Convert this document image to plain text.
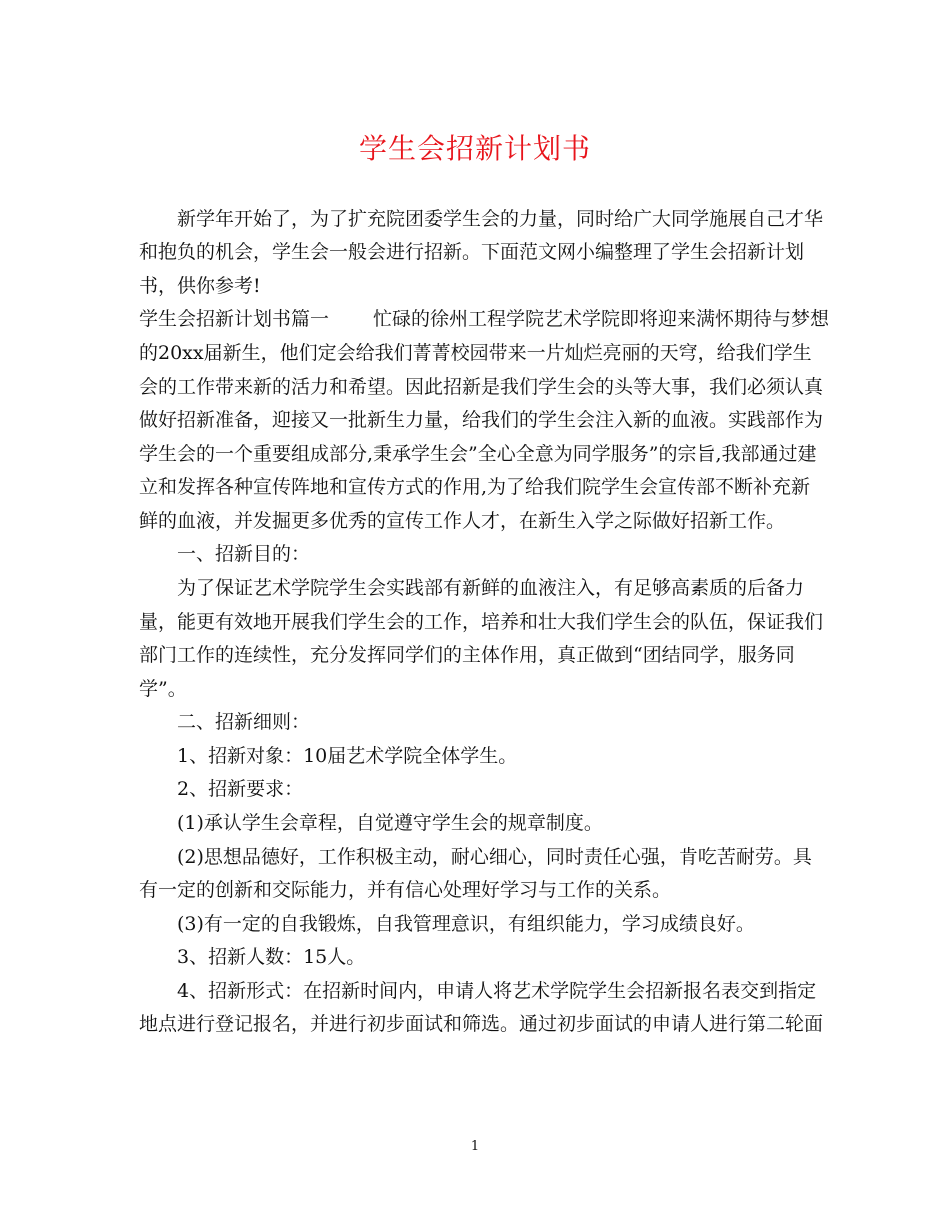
学生会招新计划书
新学年开始了，为了扩充院团委学生会的力量，同时给广大同学施展自己才华
和抱负的机会，学生会一般会进行招新。下面范文网小编整理了学生会招新计划
书，供你参考!
学生会招新计划书篇一　　 忙碌的徐州工程学院艺术学院即将迎来满怀期待与梦想
的20xx届新生，他们定会给我们菁菁校园带来一片灿烂亮丽的天穹，给我们学生
会的工作带来新的活力和希望。因此招新是我们学生会的头等大事，我们必须认真
做好招新准备，迎接又一批新生力量，给我们的学生会注入新的血液。实践部作为
学生会的一个重要组成部分,秉承学生会”全心全意为同学服务”的宗旨,我部通过建
立和发挥各种宣传阵地和宣传方式的作用,为了给我们院学生会宣传部不断补充新
鲜的血液，并发掘更多优秀的宣传工作人才，在新生入学之际做好招新工作。
一、招新目的：
为了保证艺术学院学生会实践部有新鲜的血液注入，有足够高素质的后备力
量，能更有效地开展我们学生会的工作，培养和壮大我们学生会的队伍，保证我们
部门工作的连续性，充分发挥同学们的主体作用，真正做到“团结同学，服务同
学”。
二、招新细则：
1、招新对象：10届艺术学院全体学生。
2、招新要求：
(1)承认学生会章程，自觉遵守学生会的规章制度。
(2)思想品德好，工作积极主动，耐心细心，同时责任心强，肯吃苦耐劳。具
有一定的创新和交际能力，并有信心处理好学习与工作的关系。
(3)有一定的自我锻炼，自我管理意识，有组织能力，学习成绩良好。
3、招新人数：15人。
4、招新形式：在招新时间内，申请人将艺术学院学生会招新报名表交到指定
地点进行登记报名，并进行初步面试和筛选。通过初步面试的申请人进行第二轮面
1
